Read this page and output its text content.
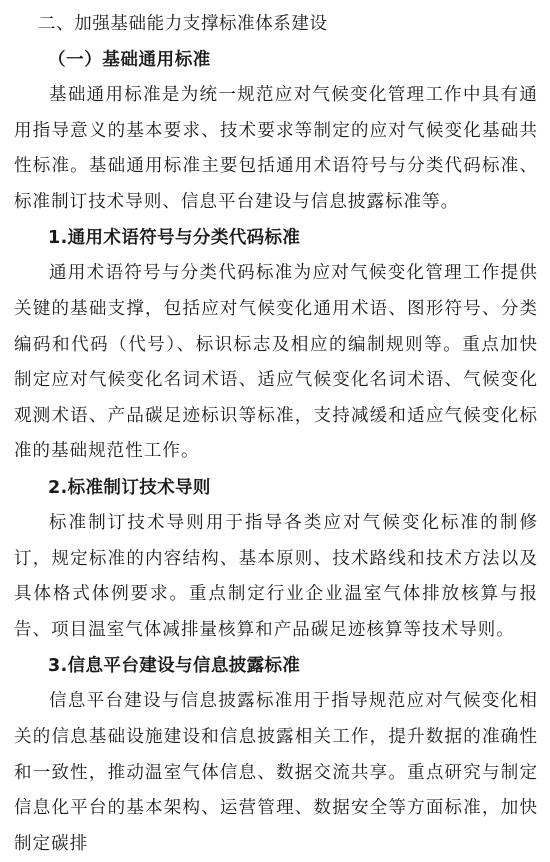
二、加强基础能力支撑标准体系建设

（一）基础通用标准

基础通用标准是为统一规范应对气候变化管理工作中具有通用指导意义的基本要求、技术要求等制定的应对气候变化基础共性标准。基础通用标准主要包括通用术语符号与分类代码标准、标准制订技术导则、信息平台建设与信息披露标准等。

1.通用术语符号与分类代码标准

通用术语符号与分类代码标准为应对气候变化管理工作提供关键的基础支撑，包括应对气候变化通用术语、图形符号、分类编码和代码（代号）、标识标志及相应的编制规则等。重点加快制定应对气候变化名词术语、适应气候变化名词术语、气候变化观测术语、产品碳足迹标识等标准，支持减缓和适应气候变化标准的基础规范性工作。

2.标准制订技术导则

标准制订技术导则用于指导各类应对气候变化标准的制修订，规定标准的内容结构、基本原则、技术路线和技术方法以及具体格式体例要求。重点制定行业企业温室气体排放核算与报告、项目温室气体减排量核算和产品碳足迹核算等技术导则。

3.信息平台建设与信息披露标准

信息平台建设与信息披露标准用于指导规范应对气候变化相关的信息基础设施建设和信息披露相关工作，提升数据的准确性和一致性，推动温室气体信息、数据交流共享。重点研究与制定信息化平台的基本架构、运营管理、数据安全等方面标准，加快制定碳排
